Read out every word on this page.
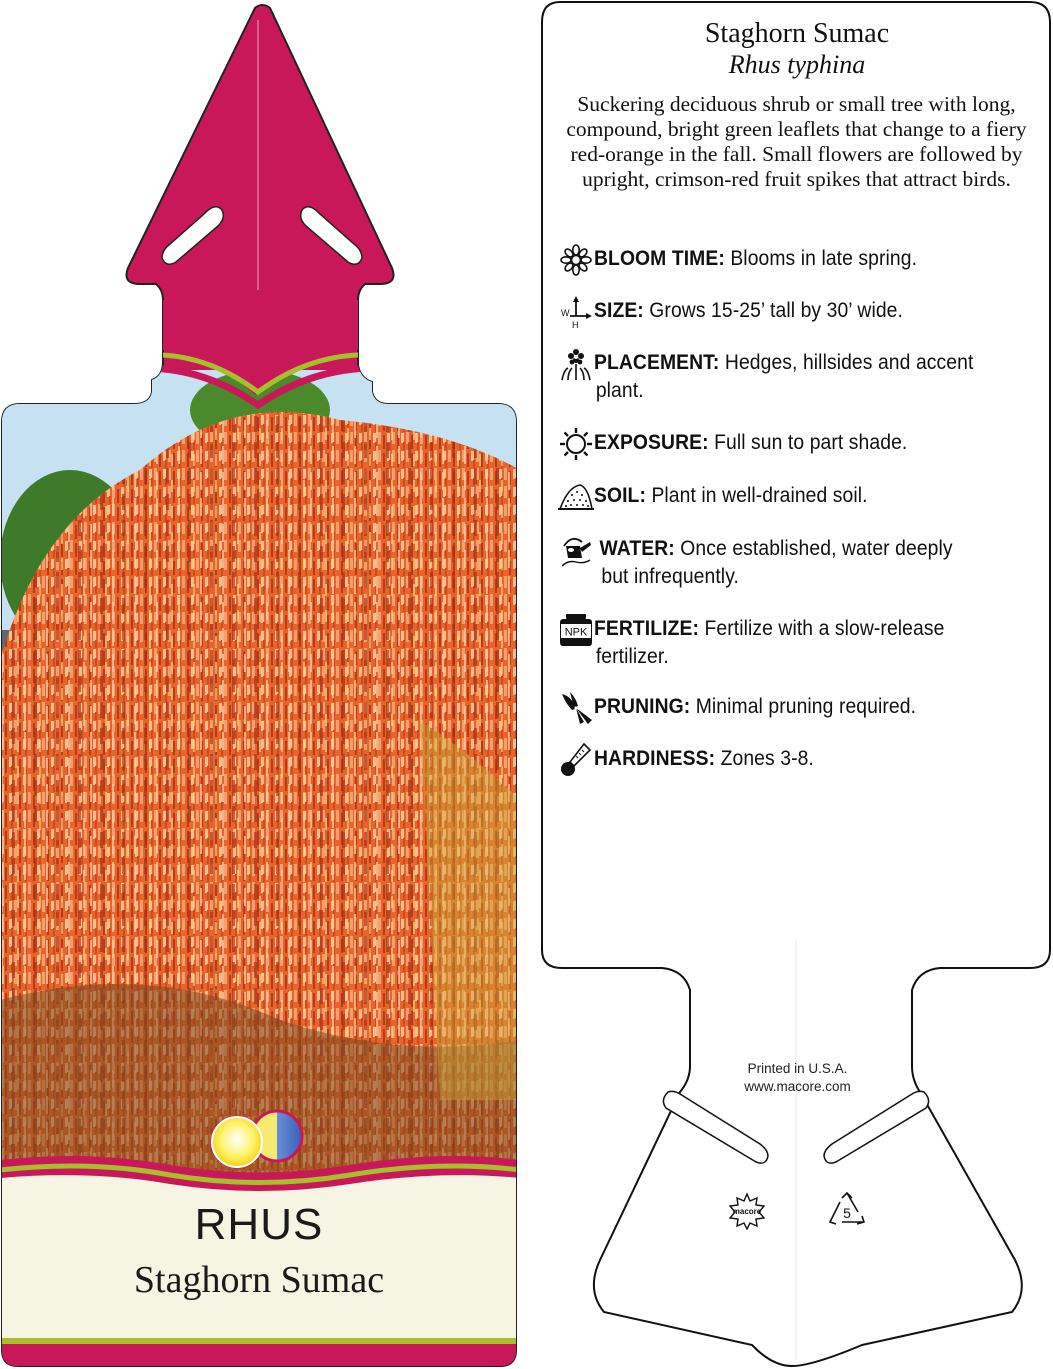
RHUS
Staghorn Sumac
Staghorn Sumac
Rhus typhina
Suckering deciduous shrub or small tree with long, compound, bright green leaflets that change to a fiery red-orange in the fall. Small flowers are followed by upright, crimson-red fruit spikes that attract birds.
BLOOM TIME: Blooms in late spring.
W
H
SIZE: Grows 15-25’ tall by 30’ wide.
PLACEMENT: Hedges, hillsides and accent
plant.
EXPOSURE: Full sun to part shade.
SOIL: Plant in well-drained soil.
WATER: Once established, water deeply
but infrequently.
NPK FERTILIZE: Fertilize with a slow-release
fertilizer.
PRUNING: Minimal pruning required.
HARDINESS: Zones 3-8.
Printed in U.S.A.
www.macore.com
macore	5
